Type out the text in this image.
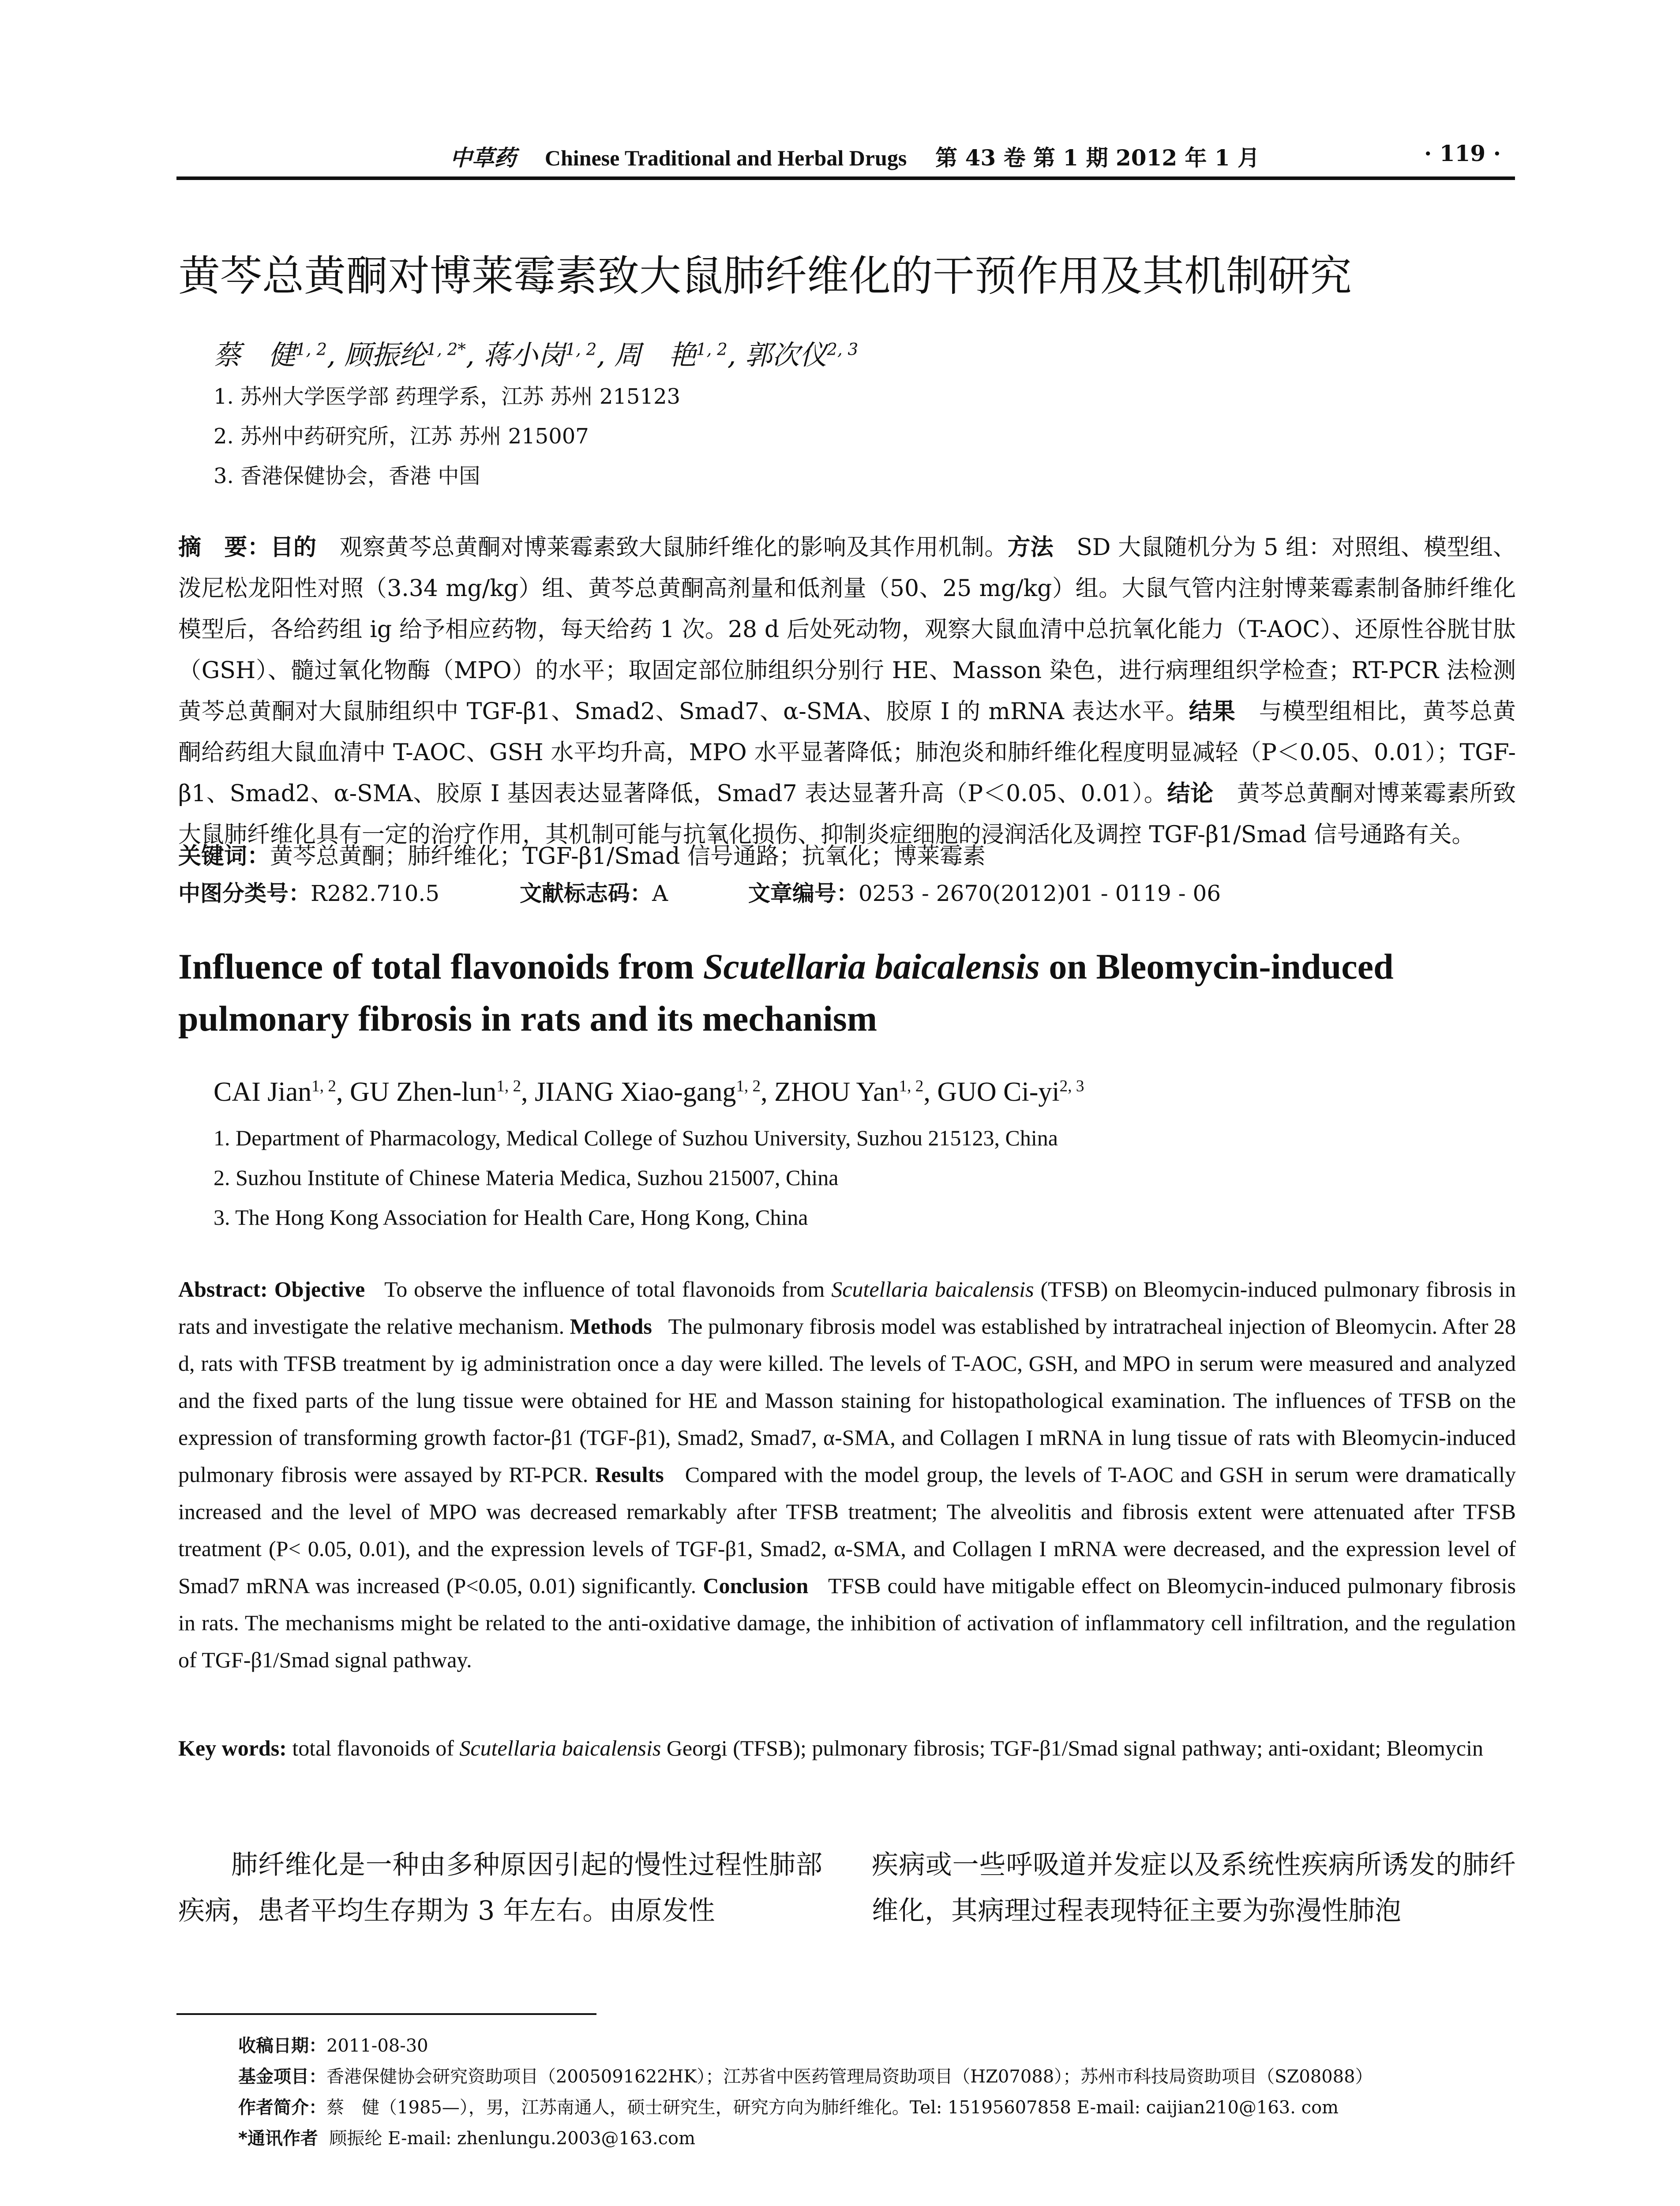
中草药 Chinese Traditional and Herbal Drugs 第 43 卷 第 1 期 2012 年 1 月	· 119 ·
黄芩总黄酮对博莱霉素致大鼠肺纤维化的干预作用及其机制研究
蔡　健$^{1, 2}$, 顾振纶$^{1, 2*}$, 蒋小岗$^{1, 2}$, 周　艳$^{1, 2}$, 郭次仪$^{2, 3}$
1. 苏州大学医学部 药理学系，江苏 苏州 215123
2. 苏州中药研究所，江苏 苏州 215007
3. 香港保健协会，香港 中国
摘　要：目的　 观察黄芩总黄酮对博莱霉素致大鼠肺纤维化的影响及其作用机制。方法　 SD 大鼠随机分为 5 组：对照组、模型组、泼尼松龙阳性对照（3.34 mg/kg）组、黄芩总黄酮高剂量和低剂量（50、25 mg/kg）组。大鼠气管内注射博莱霉素制备肺纤维化模型后，各给药组 ig 给予相应药物，每天给药 1 次。28 d 后处死动物，观察大鼠血清中总抗氧化能力（T-AOC）、还原性谷胱甘肽（GSH）、髓过氧化物酶（MPO）的水平；取固定部位肺组织分别行 HE、Masson 染色，进行病理组织学检查；RT-PCR 法检测黄芩总黄酮对大鼠肺组织中 TGF-β1、Smad2、Smad7、α-SMA、胶原 I 的 mRNA 表达水平。结果　 与模型组相比，黄芩总黄酮给药组大鼠血清中 T-AOC、GSH 水平均升高，MPO 水平显著降低；肺泡炎和肺纤维化程度明显减轻（P＜0.05、0.01）；TGF-β1、Smad2、α-SMA、胶原 I 基因表达显著降低，Smad7 表达显著升高（P＜0.05、0.01）。结论　 黄芩总黄酮对博莱霉素所致大鼠肺纤维化具有一定的治疗作用，其机制可能与抗氧化损伤、抑制炎症细胞的浸润活化及调控 TGF-β1/Smad 信号通路有关。
关键词：黄芩总黄酮；肺纤维化；TGF-β1/Smad 信号通路；抗氧化；博莱霉素
中图分类号：R282.710.5	文献标志码：A	文章编号：0253 - 2670(2012)01 - 0119 - 06
Influence of total flavonoids from Scutellaria baicalensis on Bleomycin-induced pulmonary fibrosis in rats and its mechanism
CAI Jian$^{1, 2}$, GU Zhen-lun$^{1, 2}$, JIANG Xiao-gang$^{1, 2}$, ZHOU Yan$^{1, 2}$, GUO Ci-yi$^{2, 3}$
1. Department of Pharmacology, Medical College of Suzhou University, Suzhou 215123, China
2. Suzhou Institute of Chinese Materia Medica, Suzhou 215007, China
3. The Hong Kong Association for Health Care, Hong Kong, China
Abstract: Objective To observe the influence of total flavonoids from Scutellaria baicalensis (TFSB) on Bleomycin-induced pulmonary fibrosis in rats and investigate the relative mechanism. Methods The pulmonary fibrosis model was established by intratracheal injection of Bleomycin. After 28 d, rats with TFSB treatment by ig administration once a day were killed. The levels of T-AOC, GSH, and MPO in serum were measured and analyzed and the fixed parts of the lung tissue were obtained for HE and Masson staining for histopathological examination. The influences of TFSB on the expression of transforming growth factor-β1 (TGF-β1), Smad2, Smad7, α-SMA, and Collagen I mRNA in lung tissue of rats with Bleomycin-induced pulmonary fibrosis were assayed by RT-PCR. Results Compared with the model group, the levels of T-AOC and GSH in serum were dramatically increased and the level of MPO was decreased remarkably after TFSB treatment; The alveolitis and fibrosis extent were attenuated after TFSB treatment (P< 0.05, 0.01), and the expression levels of TGF-β1, Smad2, α-SMA, and Collagen I mRNA were decreased, and the expression level of Smad7 mRNA was increased (P<0.05, 0.01) significantly. Conclusion TFSB could have mitigable effect on Bleomycin-induced pulmonary fibrosis in rats. The mechanisms might be related to the anti-oxidative damage, the inhibition of activation of inflammatory cell infiltration, and the regulation of TGF-β1/Smad signal pathway.
Key words: total flavonoids of Scutellaria baicalensis Georgi (TFSB); pulmonary fibrosis; TGF-β1/Smad signal pathway; anti-oxidant; Bleomycin
肺纤维化是一种由多种原因引起的慢性过程性肺部疾病，患者平均生存期为 3 年左右。由原发性
疾病或一些呼吸道并发症以及系统性疾病所诱发的肺纤维化，其病理过程表现特征主要为弥漫性肺泡
收稿日期：2011-08-30
基金项目：香港保健协会研究资助项目（2005091622HK）；江苏省中医药管理局资助项目（HZ07088）；苏州市科技局资助项目（SZ08088）
作者简介：蔡　健（1985—），男，江苏南通人，硕士研究生，研究方向为肺纤维化。Tel: 15195607858 E-mail: caijian210@163. com
*通讯作者 顾振纶 E-mail: zhenlungu.2003@163.com
